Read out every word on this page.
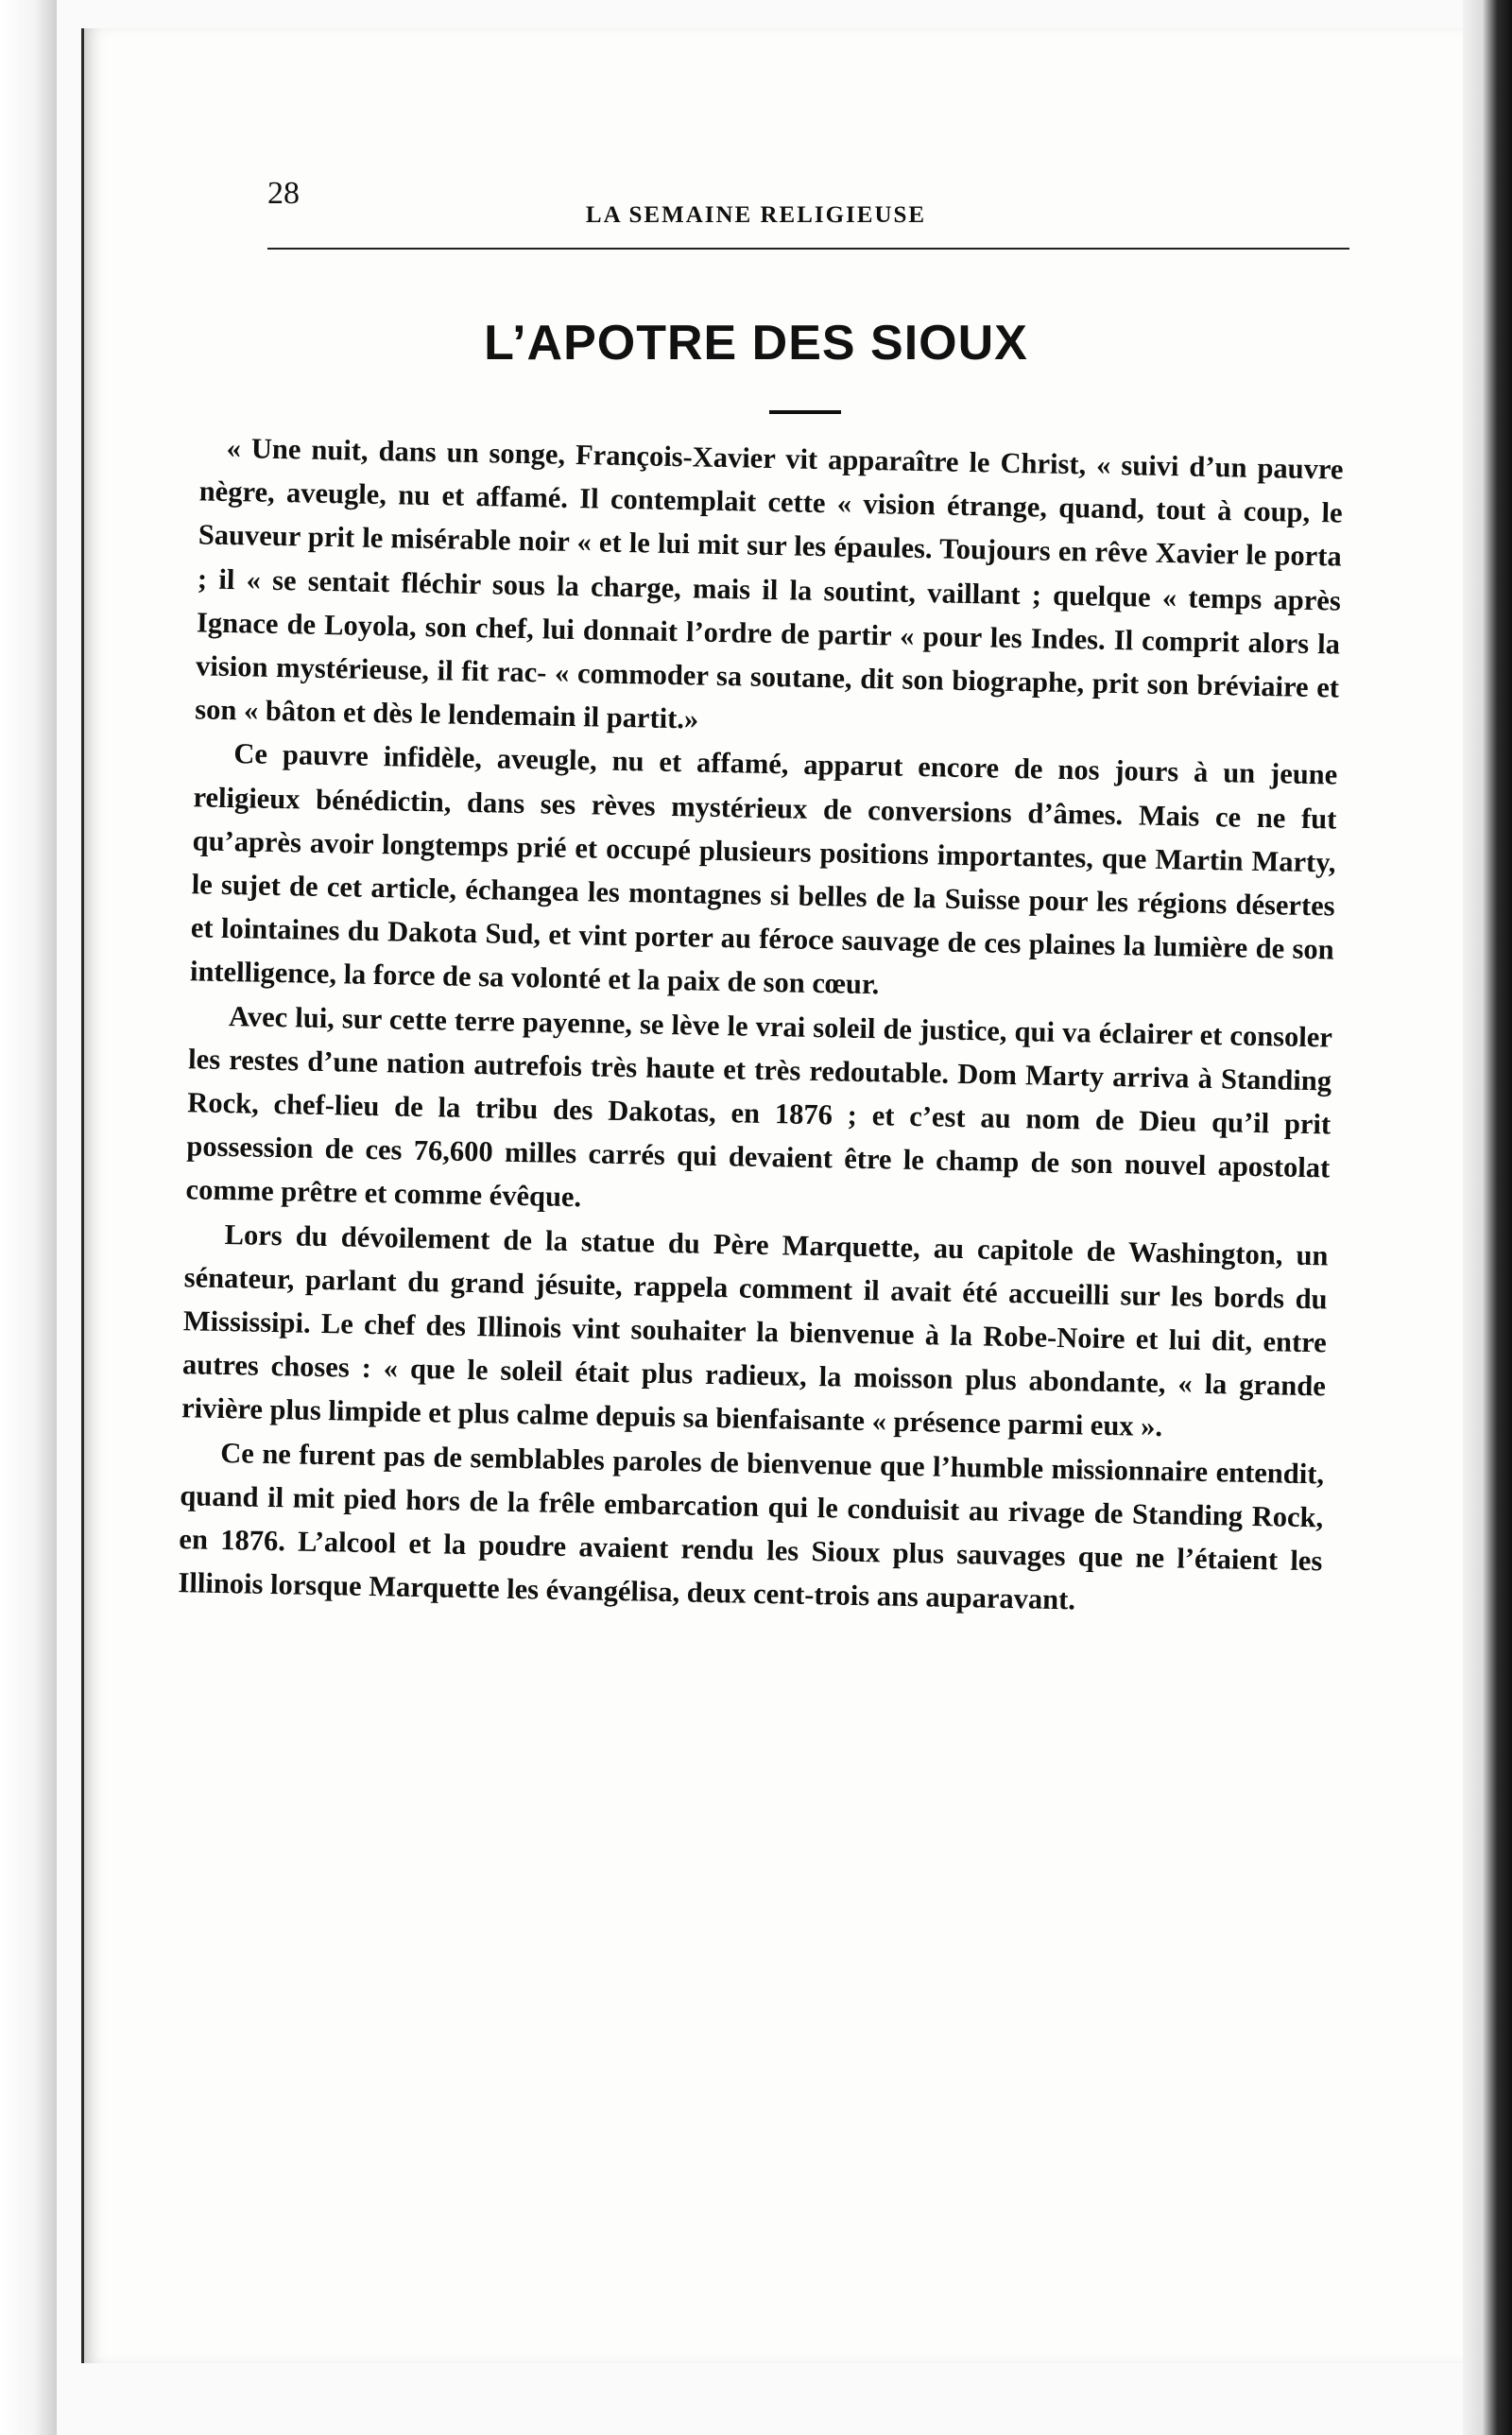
28
LA SEMAINE RELIGIEUSE
L’APOTRE DES SIOUX

« Une nuit, dans un songe, François-Xavier vit apparaître le Christ, « suivi d’un pauvre nègre, aveugle, nu et affamé. Il contemplait cette « vision étrange, quand, tout à coup, le Sauveur prit le misérable noir « et le lui mit sur les épaules. Toujours en rêve Xavier le porta ; il « se sentait fléchir sous la charge, mais il la soutint, vaillant ; quelque « temps après Ignace de Loyola, son chef, lui donnait l’ordre de partir « pour les Indes. Il comprit alors la vision mystérieuse, il fit rac- « commoder sa soutane, dit son biographe, prit son bréviaire et son « bâton et dès le lendemain il partit.»

Ce pauvre infidèle, aveugle, nu et affamé, apparut encore de nos jours à un jeune religieux bénédictin, dans ses rèves mystérieux de conversions d’âmes. Mais ce ne fut qu’après avoir longtemps prié et occupé plusieurs positions importantes, que Martin Marty, le sujet de cet article, échangea les montagnes si belles de la Suisse pour les régions désertes et lointaines du Dakota Sud, et vint porter au féroce sauvage de ces plaines la lumière de son intelligence, la force de sa volonté et la paix de son cœur.

Avec lui, sur cette terre payenne, se lève le vrai soleil de justice, qui va éclairer et consoler les restes d’une nation autrefois très haute et très redoutable. Dom Marty arriva à Standing Rock, chef-lieu de la tribu des Dakotas, en 1876 ; et c’est au nom de Dieu qu’il prit possession de ces 76,600 milles carrés qui devaient être le champ de son nouvel apostolat comme prêtre et comme évêque.

Lors du dévoilement de la statue du Père Marquette, au capitole de Washington, un sénateur, parlant du grand jésuite, rappela comment il avait été accueilli sur les bords du Mississipi. Le chef des Illinois vint souhaiter la bienvenue à la Robe-Noire et lui dit, entre autres choses : « que le soleil était plus radieux, la moisson plus abondante, « la grande rivière plus limpide et plus calme depuis sa bienfaisante « présence parmi eux ».

Ce ne furent pas de semblables paroles de bienvenue que l’humble missionnaire entendit, quand il mit pied hors de la frêle embarcation qui le conduisit au rivage de Standing Rock, en 1876. L’alcool et la poudre avaient rendu les Sioux plus sauvages que ne l’étaient les Illinois lorsque Marquette les évangélisa, deux cent-trois ans auparavant.
